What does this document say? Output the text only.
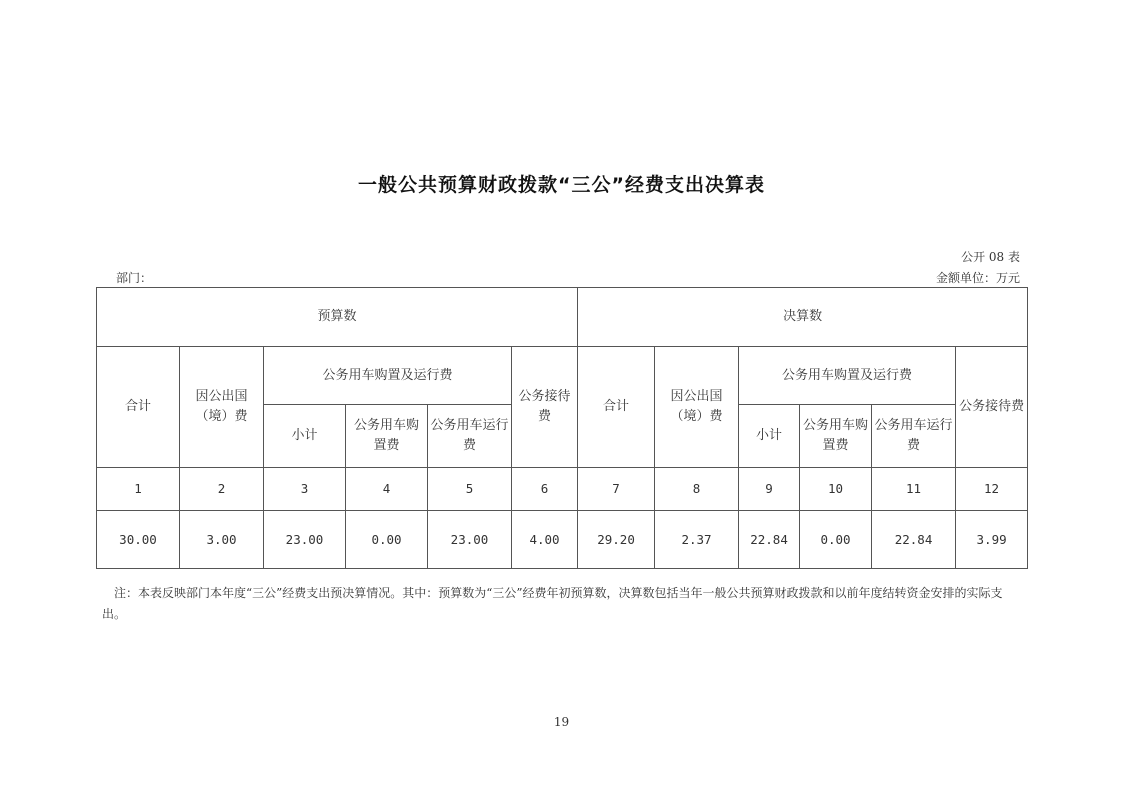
一般公共预算财政拨款“三公”经费支出决算表
公开 08 表
部门：	金额单位：万元
预算数						决算数					
合计	因公出国（境）费	公务用车购置及运行费			公务接待费	合计	因公出国（境）费	公务用车购置及运行费			公务接待费
		小计	公务用车购置费	公务用车运行费				小计	公务用车购置费	公务用车运行费	
1	2	3	4	5	6	7	8	9	10	11	12
30.00	3.00	23.00	0.00	23.00	4.00	29.20	2.37	22.84	0.00	22.84	3.99
注：本表反映部门本年度“三公”经费支出预决算情况。其中：预算数为“三公”经费年初预算数，决算数包括当年一般公共预算财政拨款和以前年度结转资金安排的实际支出。
19
